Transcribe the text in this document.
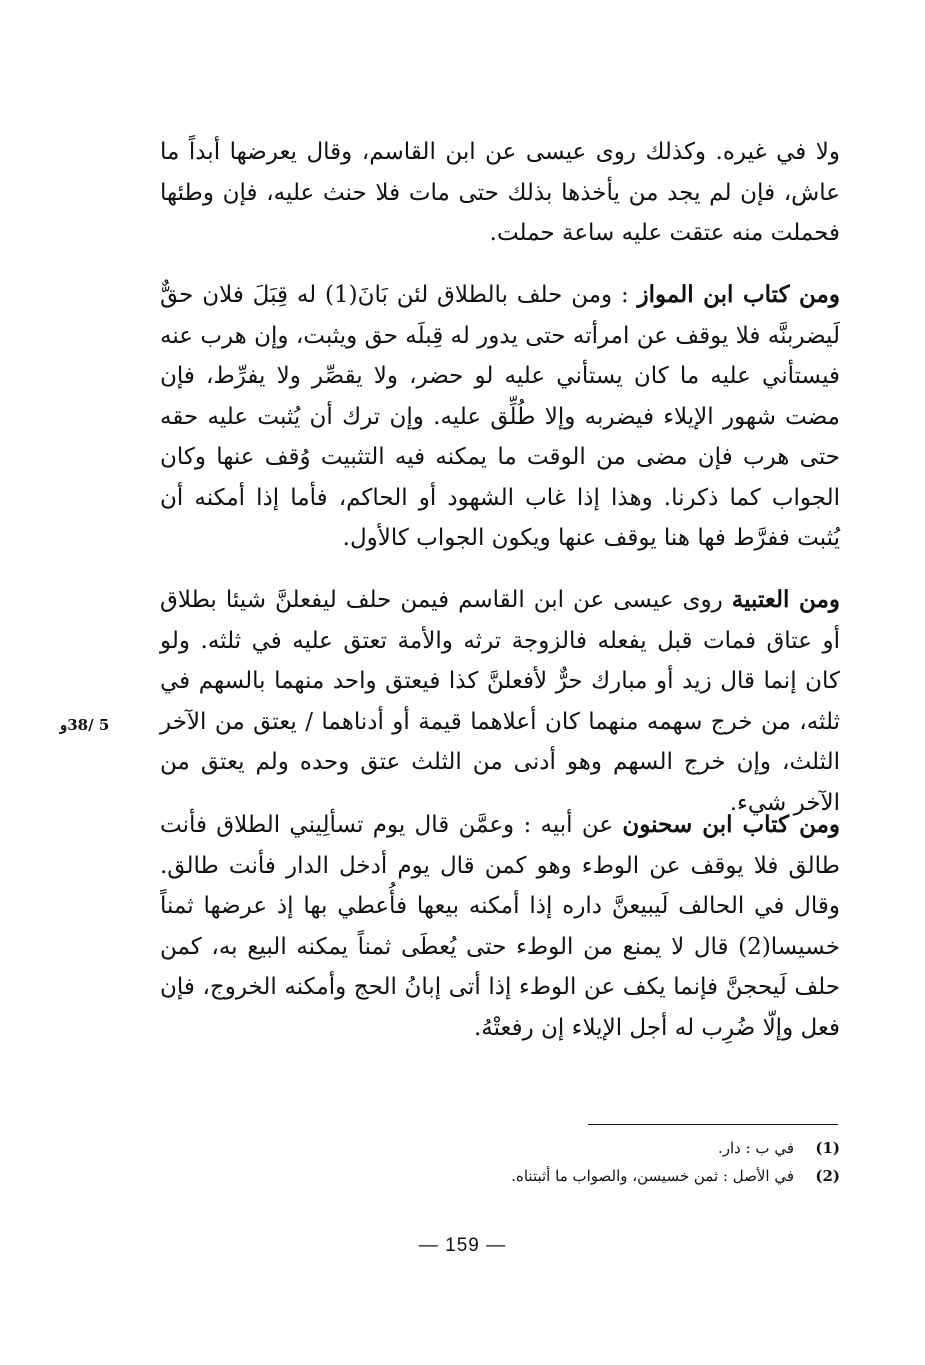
ولا في غيره. وكذلك روى عيسى عن ابن القاسم، وقال يعرضها أبداً ما عاش، فإن لم يجد من يأخذها بذلك حتى مات فلا حنث عليه، فإن وطئها فحملت منه عتقت عليه ساعة حملت.
ومن كتاب ابن المواز : ومن حلف بالطلاق لئن بَانَ(1) له قِبَلَ فلان حقٌّ لَيضربنَّه فلا يوقف عن امرأته حتى يدور له قِبلَه حق ويثبت، وإن هرب عنه فيستأني عليه ما كان يستأني عليه لو حضر، ولا يقصِّر ولا يفرِّط، فإن مضت شهور الإيلاء فيضربه وإلا طُلِّق عليه. وإن ترك أن يُثبت عليه حقه حتى هرب فإن مضى من الوقت ما يمكنه فيه التثبيت وُقف عنها وكان الجواب كما ذكرنا. وهذا إذا غاب الشهود أو الحاكم، فأما إذا أمكنه أن يُثبت ففرَّط فها هنا يوقف عنها ويكون الجواب كالأول.
ومن العتبية روى عيسى عن ابن القاسم فيمن حلف ليفعلنَّ شيئا بطلاق أو عتاق فمات قبل يفعله فالزوجة ترثه والأمة تعتق عليه في ثلثه. ولو كان إنما قال زيد أو مبارك حرٌّ لأفعلنَّ كذا فيعتق واحد منهما بالسهم في ثلثه، من خرج سهمه منهما كان أعلاهما قيمة أو أدناهما / يعتق من الآخر الثلث، وإن خرج السهم وهو أدنى من الثلث عتق وحده ولم يعتق من الآخر شيء.
ومن كتاب ابن سحنون عن أبيه : وعمَّن قال يوم تسألِيني الطلاق فأنت طالق فلا يوقف عن الوطء وهو كمن قال يوم أدخل الدار فأنت طالق. وقال في الحالف لَيبيعنَّ داره إذا أمكنه بيعها فأُعطي بها إذ عرضها ثمناً خسيسا(2) قال لا يمنع من الوطء حتى يُعطَى ثمناً يمكنه البيع به، كمن حلف لَيحجنَّ فإنما يكف عن الوطء إذا أتى إبانُ الحج وأمكنه الخروج، فإن فعل وإلّا ضُرِب له أجل الإيلاء إن رفعتْهُ.
5 /38و
(1)
في ب : دار.
(2)
في الأصل : ثمن خسيسن، والصواب ما أثبتناه.
— 159 —
